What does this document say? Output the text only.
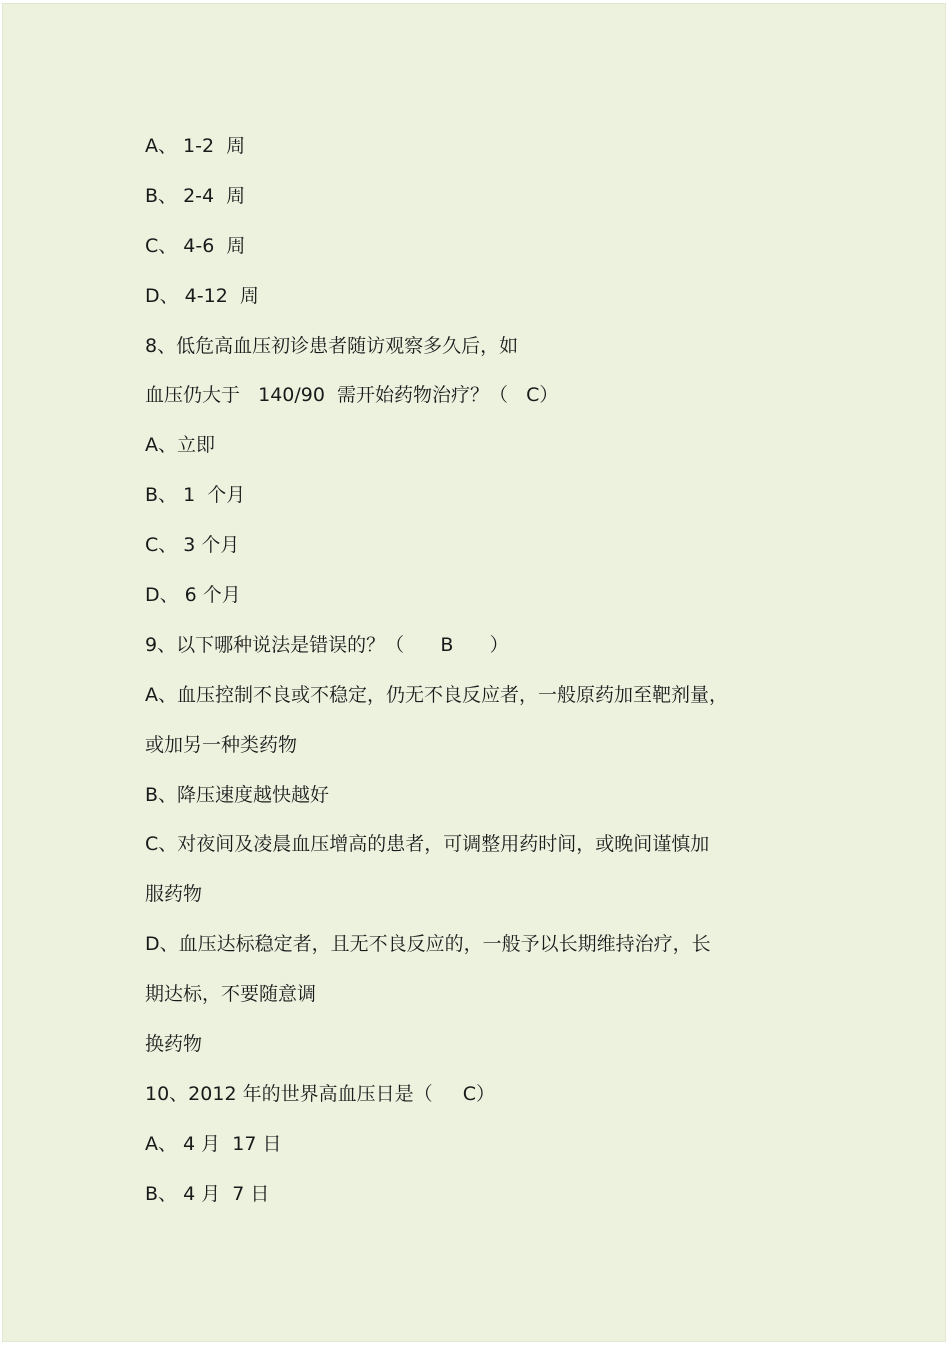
A、 1-2  周
B、 2-4  周
C、 4-6  周
D、 4-12  周
8、低危高血压初诊患者随访观察多久后，如
血压仍大于   140/90  需开始药物治疗？（   C）
A、立即
B、 1  个月
C、 3 个月
D、 6 个月
9、以下哪种说法是错误的？（      B      ）
A、血压控制不良或不稳定，仍无不良反应者，一般原药加至靶剂量，
或加另一种类药物
B、降压速度越快越好
C、对夜间及凌晨血压增高的患者，可调整用药时间，或晚间谨慎加
服药物
D、血压达标稳定者，且无不良反应的，一般予以长期维持治疗，长
期达标，不要随意调
换药物
10、2012 年的世界高血压日是（     C）
A、 4 月  17 日
B、 4 月  7 日
